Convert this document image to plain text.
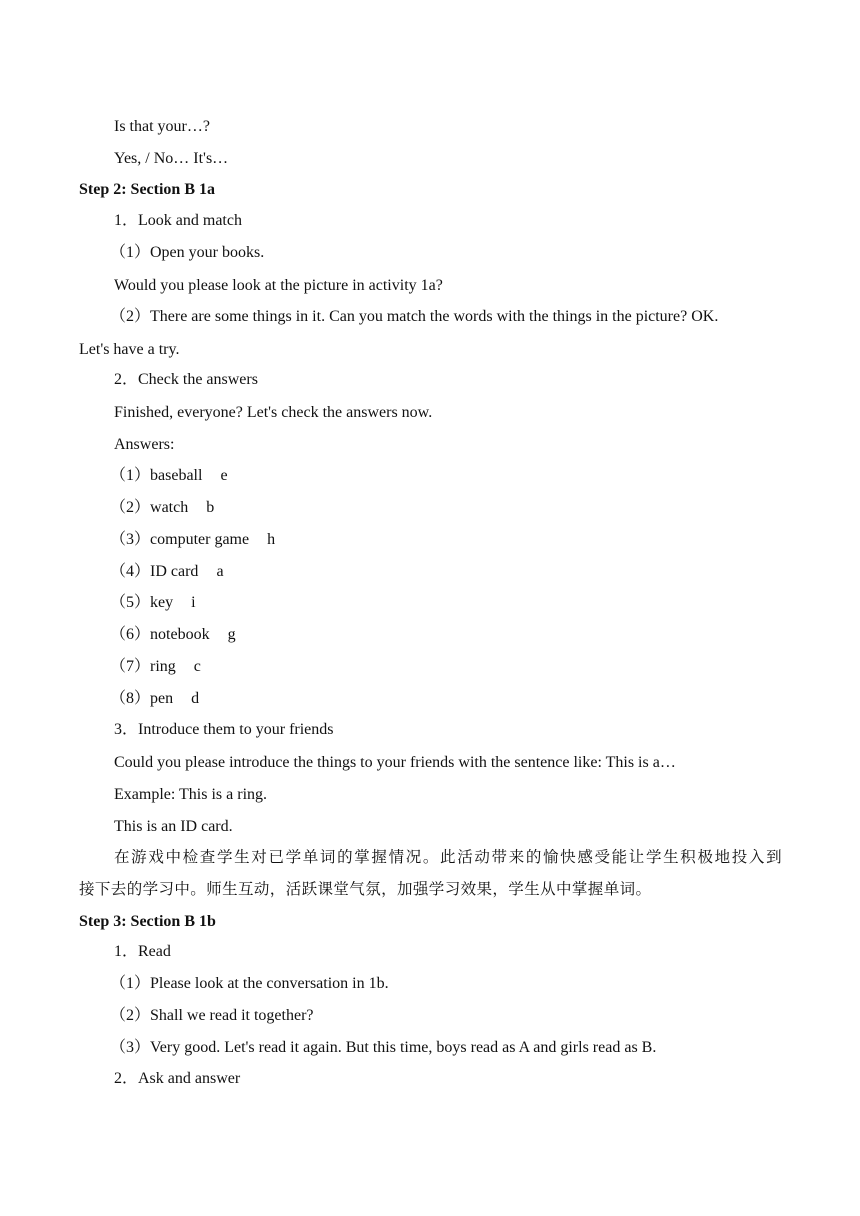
Is that your…?
Yes, / No… It's…
Step 2: Section B 1a
1．Look and match
（1）Open your books.
Would you please look at the picture in activity 1a?
（2）There are some things in it. Can you match the words with the things in the picture? OK.
Let's have a try.
2．Check the answers
Finished, everyone? Let's check the answers now.
Answers:
（1）baseball e
（2）watch b
（3）computer game h
（4）ID card a
（5）key i
（6）notebook g
（7）ring c
（8）pen d
3．Introduce them to your friends
Could you please introduce the things to your friends with the sentence like: This is a…
Example: This is a ring.
This is an ID card.
在游戏中检查学生对已学单词的掌握情况。此活动带来的愉快感受能让学生积极地投入到
接下去的学习中。师生互动，活跃课堂气氛，加强学习效果，学生从中掌握单词。
Step 3: Section B 1b
1．Read
（1）Please look at the conversation in 1b.
（2）Shall we read it together?
（3）Very good. Let's read it again. But this time, boys read as A and girls read as B.
2．Ask and answer
